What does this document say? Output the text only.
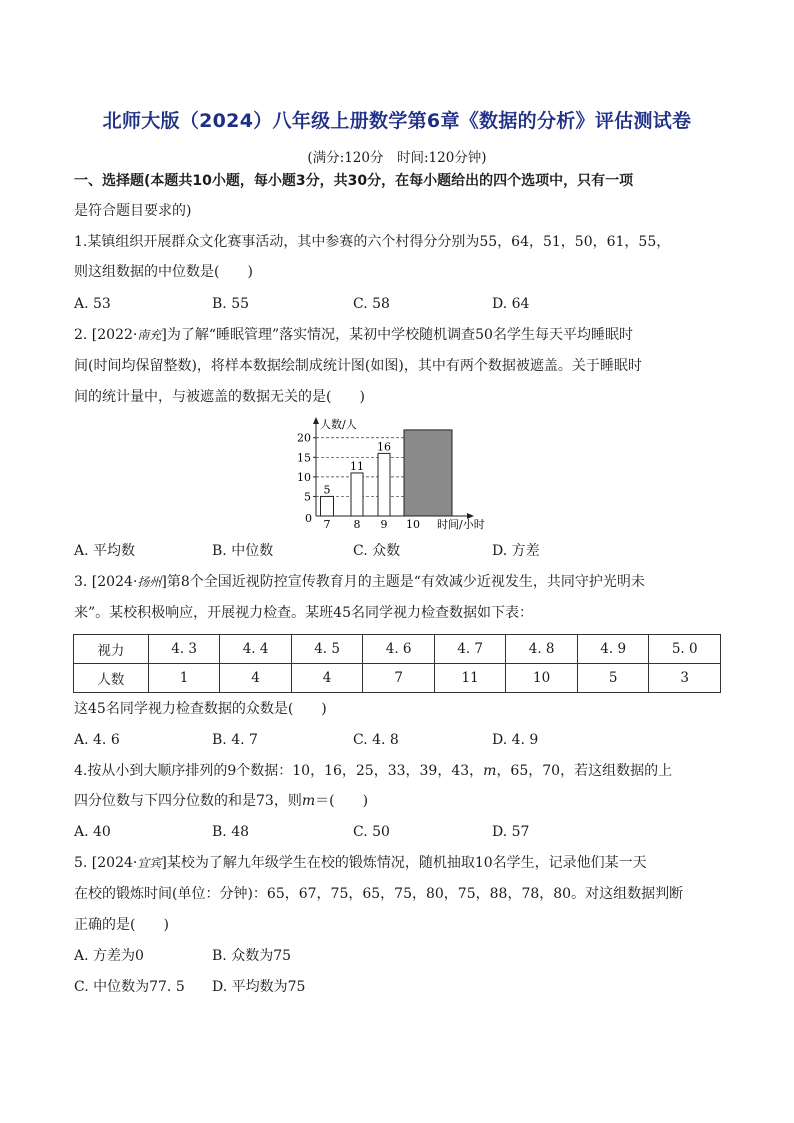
北师大版（2024）八年级上册数学第6章《数据的分析》评估测试卷
(满分:120分　时间:120分钟)
一、选择题(本题共10小题，每小题3分，共30分，在每小题给出的四个选项中，只有一项
是符合题目要求的)
1.某镇组织开展群众文化赛事活动，其中参赛的六个村得分分别为55，64，51，50，61，55，
则这组数据的中位数是(　　)
A. 53	B. 55	C. 58	D. 64
2. [2022·南充]为了解“睡眠管理”落实情况，某初中学校随机调查50名学生每天平均睡眠时
间(时间均保留整数)，将样本数据绘制成统计图(如图)，其中有两个数据被遮盖。关于睡眠时
间的统计量中，与被遮盖的数据无关的是(　　)
人数/人
时间/小时
0
5
10
15
20
5
7
11
8
16
9 10
A. 平均数	B. 中位数	C. 众数	D. 方差
3. [2024·扬州]第8个全国近视防控宣传教育月的主题是“有效减少近视发生，共同守护光明未
来”。某校积极响应，开展视力检查。某班45名同学视力检查数据如下表：
视力	4. 3	4. 4	4. 5	4. 6	4. 7	4. 8	4. 9	5. 0
人数	1	4	4	7	11	10	5	3
这45名同学视力检查数据的众数是(　　)
A. 4. 6	B. 4. 7	C. 4. 8	D. 4. 9
4.按从小到大顺序排列的9个数据：10，16，25，33，39，43，m，65，70，若这组数据的上
四分位数与下四分位数的和是73，则m＝(　　)
A. 40	B. 48	C. 50	D. 57
5. [2024·宜宾]某校为了解九年级学生在校的锻炼情况，随机抽取10名学生，记录他们某一天
在校的锻炼时间(单位：分钟)：65，67，75，65，75，80，75，88，78，80。对这组数据判断
正确的是(　　)
A. 方差为0	B. 众数为75
C. 中位数为77. 5 D. 平均数为75
